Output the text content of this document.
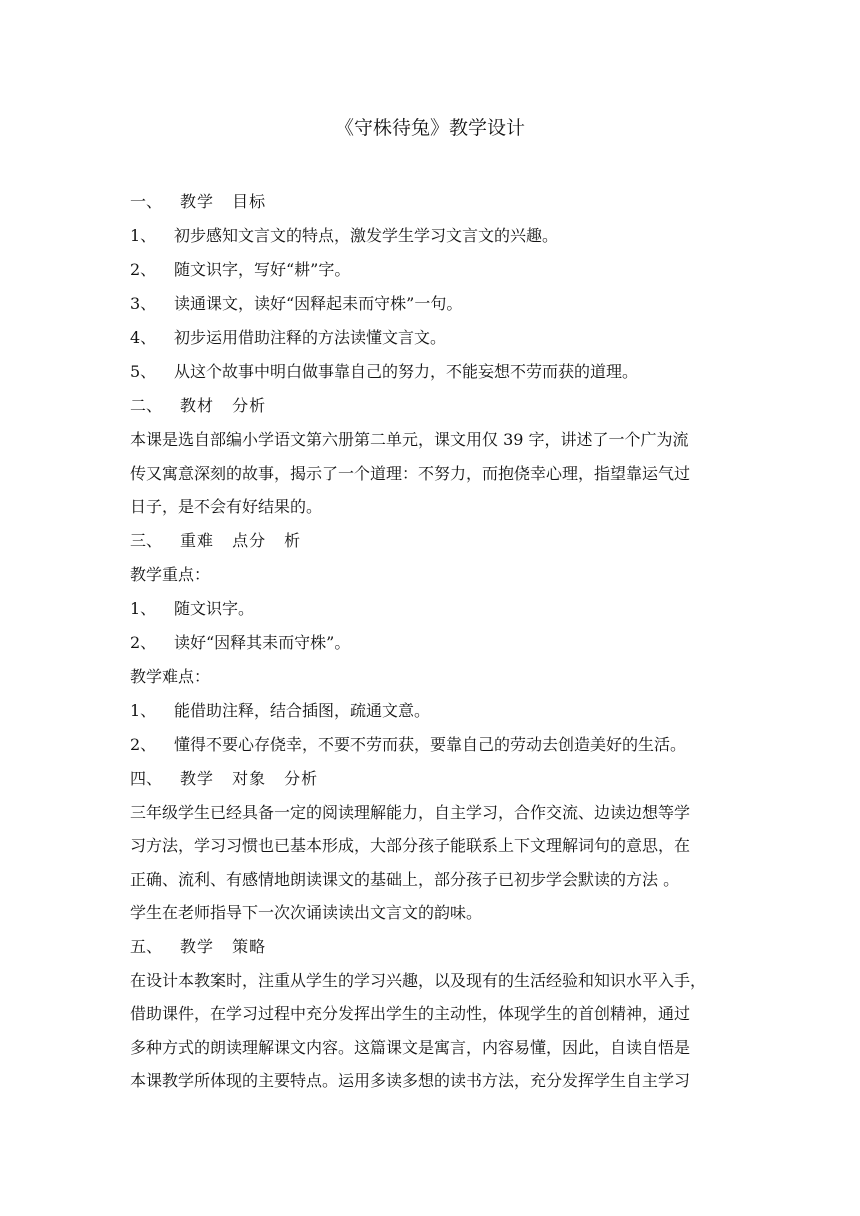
《守株待兔》教学设计
一、	教学 目标
1、 初步感知文言文的特点，激发学生学习文言文的兴趣。
2、 随文识字，写好“耕”字。
3、 读通课文，读好“因释起耒而守株”一句。
4、 初步运用借助注释的方法读懂文言文。
5、 从这个故事中明白做事靠自己的努力，不能妄想不劳而获的道理。
二、	教材 分析
本课是选自部编小学语文第六册第二单元，课文用仅 39 字，讲述了一个广为流
传又寓意深刻的故事，揭示了一个道理：不努力，而抱侥幸心理，指望靠运气过
日子，是不会有好结果的。
三、	重难 点分 析
教学重点：
1、 随文识字。
2、 读好“因释其耒而守株”。
教学难点：
1、 能借助注释，结合插图，疏通文意。
2、 懂得不要心存侥幸，不要不劳而获，要靠自己的劳动去创造美好的生活。
四、	教学 对象 分析
三年级学生已经具备一定的阅读理解能力，自主学习，合作交流、边读边想等学
习方法，学习习惯也已基本形成，大部分孩子能联系上下文理解词句的意思，在
正确、流利、有感情地朗读课文的基础上，部分孩子已初步学会默读的方法 。
学生在老师指导下一次次诵读读出文言文的韵味。
五、	教学 策略
在设计本教案时，注重从学生的学习兴趣，以及现有的生活经验和知识水平入手，
借助课件，在学习过程中充分发挥出学生的主动性，体现学生的首创精神，通过
多种方式的朗读理解课文内容。这篇课文是寓言，内容易懂，因此，自读自悟是
本课教学所体现的主要特点。运用多读多想的读书方法，充分发挥学生自主学习
